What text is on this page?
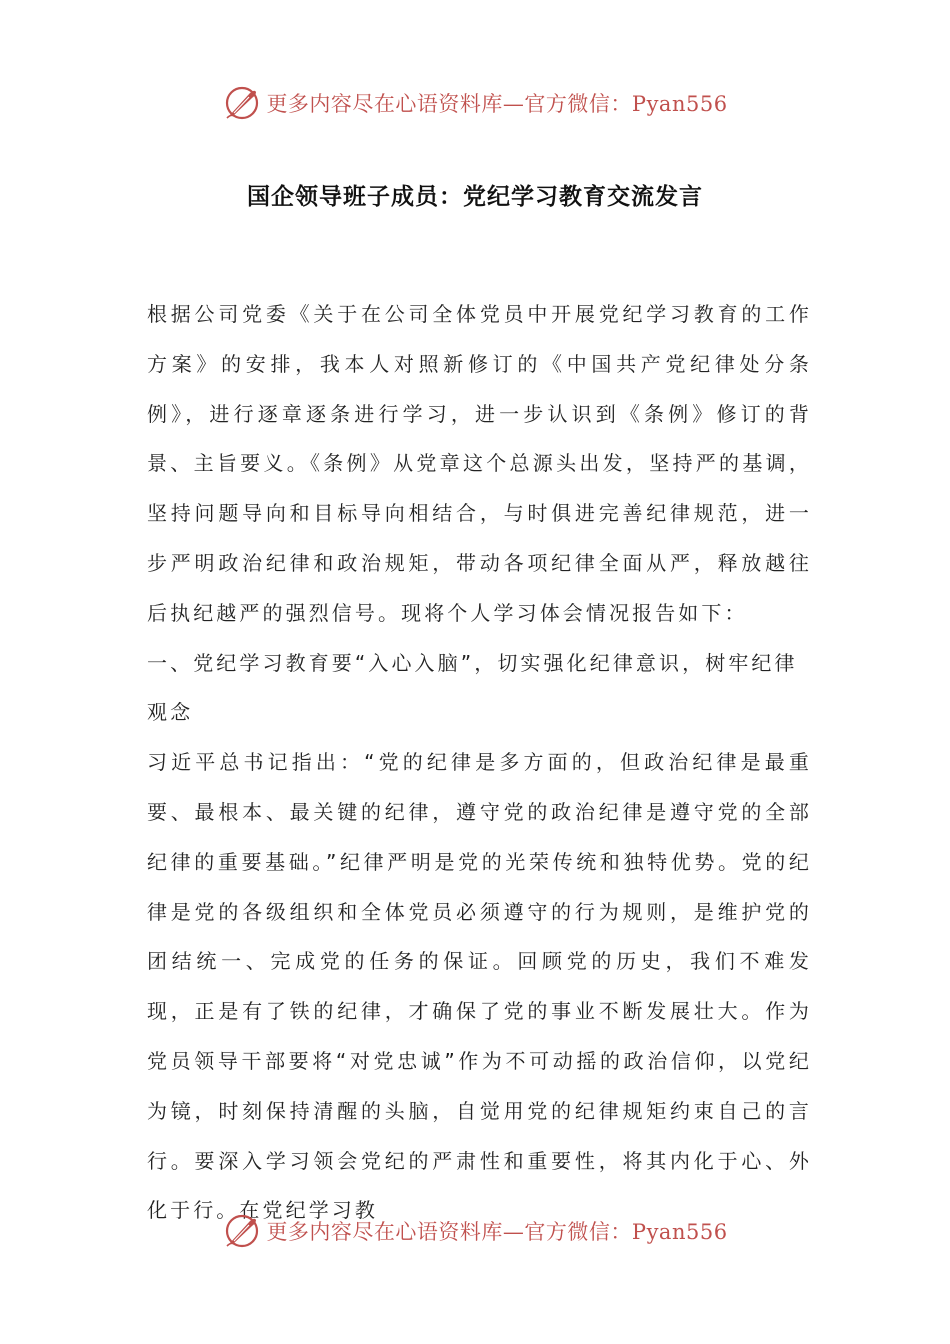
更多内容尽在心语资料库—官方微信：Pyan556
国企领导班子成员：党纪学习教育交流发言

根据公司党委《关于在公司全体党员中开展党纪学习教育的工作方案》的安排，我本人对照新修订的《中国共产党纪律处分条例》，进行逐章逐条进行学习，进一步认识到《条例》修订的背景、主旨要义。《条例》从党章这个总源头出发，坚持严的基调，坚持问题导向和目标导向相结合，与时俱进完善纪律规范，进一步严明政治纪律和政治规矩，带动各项纪律全面从严，释放越往后执纪越严的强烈信号。现将个人学习体会情况报告如下：

一、党纪学习教育要“入心入脑”，切实强化纪律意识，树牢纪律观念

习近平总书记指出：“党的纪律是多方面的，但政治纪律是最重要、最根本、最关键的纪律，遵守党的政治纪律是遵守党的全部纪律的重要基础。”纪律严明是党的光荣传统和独特优势。党的纪律是党的各级组织和全体党员必须遵守的行为规则，是维护党的团结统一、完成党的任务的保证。回顾党的历史，我们不难发现，正是有了铁的纪律，才确保了党的事业不断发展壮大。作为党员领导干部要将“对党忠诚”作为不可动摇的政治信仰，以党纪为镜，时刻保持清醒的头脑，自觉用党的纪律规矩约束自己的言行。要深入学习领会党纪的严肃性和重要性，将其内化于心、外化于行。在党纪学习教

更多内容尽在心语资料库—官方微信：Pyan556
